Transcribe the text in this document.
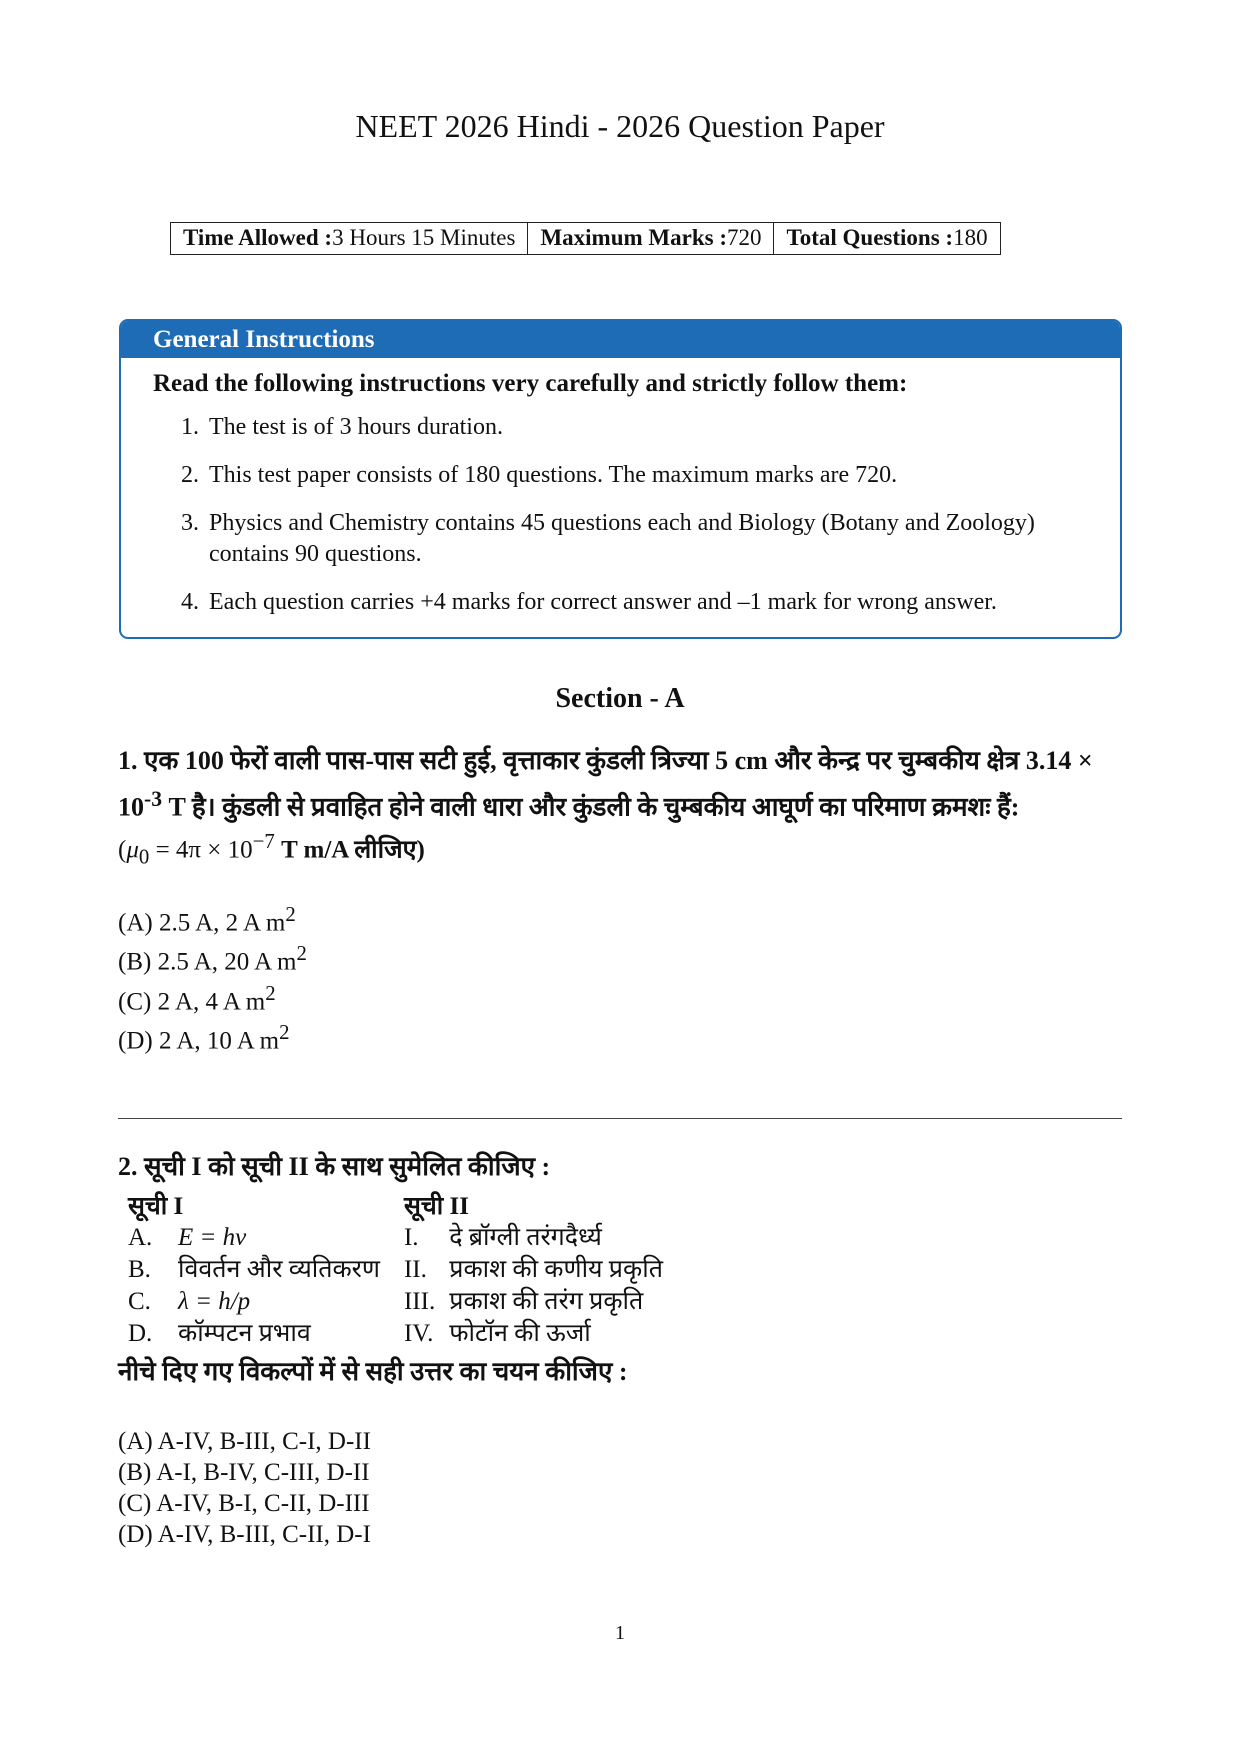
NEET 2026 Hindi - 2026 Question Paper
Time Allowed :3 Hours 15 Minutes	Maximum Marks :720	Total Questions :180
General Instructions
Read the following instructions very carefully and strictly follow them:
1. The test is of 3 hours duration.
2. This test paper consists of 180 questions. The maximum marks are 720.
3. Physics and Chemistry contains 45 questions each and Biology (Botany and Zoology) contains 90 questions.
4. Each question carries +4 marks for correct answer and –1 mark for wrong answer.
Section - A

1. एक 100 फेरों वाली पास-पास सटी हुई, वृत्ताकार कुंडली त्रिज्या 5 cm और केन्द्र पर चुम्बकीय क्षेत्र $3.14 \times 10^{-3}$ T है। कुंडली से प्रवाहित होने वाली धारा और कुंडली के चुम्बकीय आघूर्ण का परिमाण क्रमशः हैं:

($\mu_0 = 4\pi \times 10^{-7}$ T m/A लीजिए)

(A) 2.5 A, 2 A $m^2$
(B) 2.5 A, 20 A $m^2$
(C) 2 A, 4 A $m^2$
(D) 2 A, 10 A $m^2$

2. सूची I को सूची II के साथ सुमेलित कीजिए :

सूची I		सूची II	
A.	E = hν	I.	दे ब्रॉग्ली तरंगदैर्ध्य
B.	विवर्तन और व्यतिकरण	II.	प्रकाश की कणीय प्रकृति
C.	λ = h/p	III.	प्रकाश की तरंग प्रकृति
D.	कॉम्पटन प्रभाव	IV.	फोटॉन की ऊर्जा

नीचे दिए गए विकल्पों में से सही उत्तर का चयन कीजिए :

(A) A-IV, B-III, C-I, D-II
(B) A-I, B-IV, C-III, D-II
(C) A-IV, B-I, C-II, D-III
(D) A-IV, B-III, C-II, D-I
1
